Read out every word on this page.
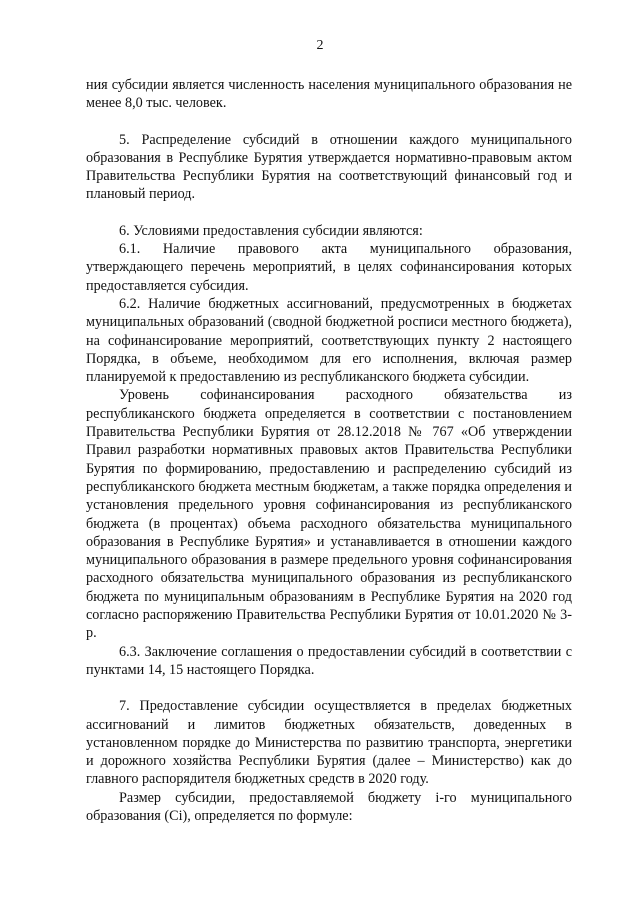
2

ния субсидии является численность населения муниципального образования не менее 8,0 тыс. человек.

5. Распределение субсидий в отношении каждого муниципального образования в Республике Бурятия утверждается нормативно-правовым актом Правительства Республики Бурятия на соответствующий финансовый год и плановый период.

6. Условиями предоставления субсидии являются:

6.1. Наличие правового акта муниципального образования, утверждающего перечень мероприятий, в целях софинансирования которых предоставляется субсидия.

6.2. Наличие бюджетных ассигнований, предусмотренных в бюджетах муниципальных образований (сводной бюджетной росписи местного бюджета), на софинансирование мероприятий, соответствующих пункту 2 настоящего Порядка, в объеме, необходимом для его исполнения, включая размер планируемой к предоставлению из республиканского бюджета субсидии.

Уровень софинансирования расходного обязательства из республиканского бюджета определяется в соответствии с постановлением Правительства Республики Бурятия от 28.12.2018 № 767 «Об утверждении Правил разработки нормативных правовых актов Правительства Республики Бурятия по формированию, предоставлению и распределению субсидий из республиканского бюджета местным бюджетам, а также порядка определения и установления предельного уровня софинансирования из республиканского бюджета (в процентах) объема расходного обязательства муниципального образования в Республике Бурятия» и устанавливается в отношении каждого муниципального образования в размере предельного уровня софинансирования расходного обязательства муниципального образования из республиканского бюджета по муниципальным образованиям в Республике Бурятия на 2020 год согласно распоряжению Правительства Республики Бурятия от 10.01.2020 № 3-р.

6.3. Заключение соглашения о предоставлении субсидий в соответствии с пунктами 14, 15 настоящего Порядка.

7. Предоставление субсидии осуществляется в пределах бюджетных ассигнований и лимитов бюджетных обязательств, доведенных в установленном порядке до Министерства по развитию транспорта, энергетики и дорожного хозяйства Республики Бурятия (далее – Министерство) как до главного распорядителя бюджетных средств в 2020 году.

Размер субсидии, предоставляемой бюджету i-го муниципального образования (Ci), определяется по формуле:
